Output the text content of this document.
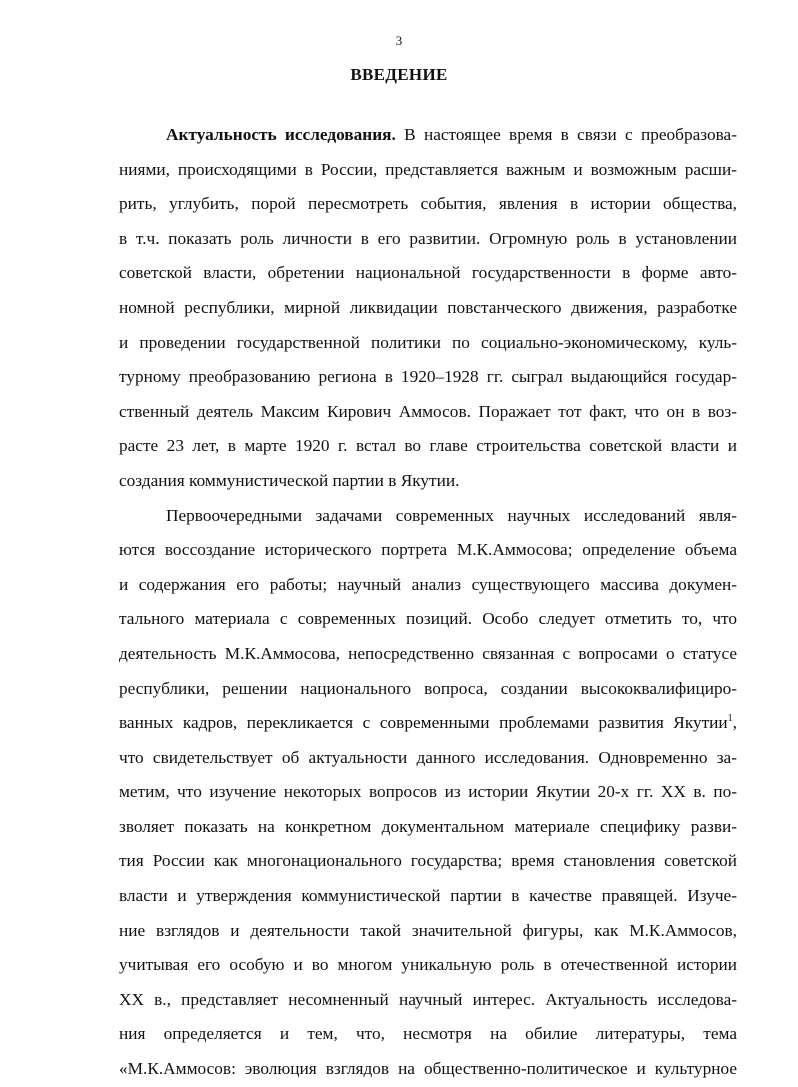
3
ВВЕДЕНИЕ
Актуальность исследования. В настоящее время в связи с преобразова-
ниями, происходящими в России, представляется важным и возможным расши-
рить, углубить, порой пересмотреть события, явления в истории общества,
в т.ч. показать роль личности в его развитии. Огромную роль в установлении
советской власти, обретении национальной государственности в форме авто-
номной республики, мирной ликвидации повстанческого движения, разработке
и проведении государственной политики по социально-экономическому, куль-
турному преобразованию региона в 1920–1928 гг. сыграл выдающийся государ-
ственный деятель Максим Кирович Аммосов. Поражает тот факт, что он в воз-
расте 23 лет, в марте 1920 г. встал во главе строительства советской власти и
создания коммунистической партии в Якутии.
Первоочередными задачами современных научных исследований явля-
ются воссоздание исторического портрета М.К.Аммосова; определение объема
и содержания его работы; научный анализ существующего массива докумен-
тального материала с современных позиций. Особо следует отметить то, что
деятельность М.К.Аммосова, непосредственно связанная с вопросами о статусе
республики, решении национального вопроса, создании высококвалифициро-
ванных кадров, перекликается с современными проблемами развития Якутии$^1$,
что свидетельствует об актуальности данного исследования. Одновременно за-
метим, что изучение некоторых вопросов из истории Якутии 20-х гг. XX в. по-
зволяет показать на конкретном документальном материале специфику разви-
тия России как многонационального государства; время становления советской
власти и утверждения коммунистической партии в качестве правящей. Изуче-
ние взглядов и деятельности такой значительной фигуры, как М.К.Аммосов,
учитывая его особую и во многом уникальную роль в отечественной истории
XX в., представляет несомненный научный интерес. Актуальность исследова-
ния определяется и тем, что, несмотря на обилие литературы, тема
«М.К.Аммосов: эволюция взглядов на общественно-политическое и культурное
